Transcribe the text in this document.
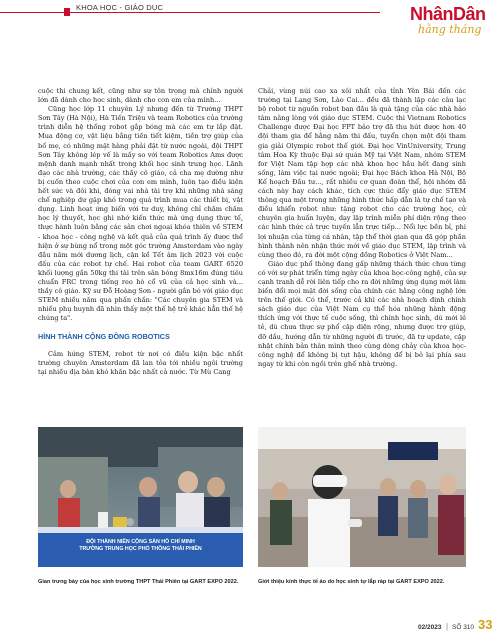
KHOA HỌC - GIÁO DỤC	NhânDân
hằng tháng

cuộc thi chung kết, cũng như sự tôn trọng mà chính người lớn đã dành cho học sinh, dành cho con em của mình...

Cũng học lớp 11 chuyên Lý nhưng đến từ Trường THPT Sơn Tây (Hà Nội), Hà Tiến Triệu và team Robotics của trường trình diễn hệ thống robot gắp bóng mà các em tự lắp đặt. Mua động cơ, vật liệu bằng tiền tiết kiệm, tiền trợ giúp của bố mẹ, có những mặt hàng phải đặt từ nước ngoài, đội THPT Sơn Tây không lép vế là mấy so với team Robotics Ams được mệnh danh mạnh nhất trong khối học sinh trung học. Lãnh đạo các nhà trường, các thầy cô giáo, cả cha mẹ dường như bị cuốn theo cuộc chơi của con em mình, luôn tạo điều kiện hết sức và đôi khi, đóng vai nhà tài trợ khi những nhà sáng chế nghiệp dư gặp khó trong quá trình mua các thiết bị, vật dụng. Linh hoạt ứng biến với tư duy, không chỉ chăm chăm học lý thuyết, học ghi nhớ kiến thức mà ứng dụng thực tế, thực hành luôn bằng các sản chơi ngoại khóa thiên về STEM - khoa học - công nghệ và kết quả của quá trình ấy được thể hiện ở sự bùng nổ trong một góc trường Amsterdam vào ngày đầu năm mới dương lịch, cận kề Tết âm lịch 2023 với cuộc đấu của các robot tự chế. Hai robot của team GART 6520 khối lượng gần 50kg thi tài trên sân bóng 8mx16m đúng tiêu chuẩn FRC trong tiếng reo hò cổ vũ của cả học sinh và... thầy cô giáo. Kỹ sư Đỗ Hoàng Sơn - người gắn bó với giáo dục STEM nhiều năm qua phấn chấn: "Các chuyên gia STEM và nhiều phụ huynh đã nhìn thấy một thế hệ trẻ khác hẳn thế hệ chúng ta".

HÌNH THÀNH CỘNG ĐỒNG ROBOTICS

Cảm hứng STEM, robot từ nơi có điều kiện bậc nhất trường chuyên Amsterdam đã lan tỏa tới nhiều ngôi trường tại nhiều địa bàn khó khăn bậc nhất cả nước. Từ Mù Cang

Chải, vùng núi cao xa xôi nhất của tỉnh Yên Bái đến các trường tại Lạng Sơn, Lào Cai... đều đã thành lập các câu lạc bộ robot từ nguồn robot ban đầu là quà tặng của các nhà hảo tâm nâng lòng với giáo dục STEM. Cuộc thi Vietnam Robotics Challenge được Đại học FPT bảo trợ đã thu hút được hơn 40 đội tham gia để hằng năm thi đấu, tuyển chọn một đội tham gia giải Olympic robot thế giới. Đại học VinUniversity, Trung tâm Hoa Kỳ thuộc Đại sứ quán Mỹ tại Việt Nam, nhóm STEM for Việt Nam tập hợp các nhà khoa học hầu hết đang sinh sống, làm việc tại nước ngoài; Đại học Bách khoa Hà Nội, Bộ Kế hoạch Đầu tư..., rất nhiều cơ quan đoàn thể, hội nhóm đã cách này hay cách khác, tích cực thúc đẩy giáo dục STEM thông qua một trong những hình thức hấp dẫn là tự chế tạo và điều khiển robot như: tặng robot cho các trường học, cử chuyên gia huấn luyện, dạy lập trình miễn phí diện rộng theo các hình thức cả trực tuyến lẫn trực tiếp... Nổi lực bền bỉ, phi lợi nhuận của từng cá nhân, tập thể thời gian qua đã góp phần hình thành nên nhận thức mới về giáo dục STEM, lập trình và cùng theo đó, ra đời một cộng đồng Robotics ở Việt Nam...

Giáo dục phổ thông đang gấp những thách thức chưa từng có với sự phát triển từng ngày của khoa học-công nghệ, của sự cạnh tranh dễ rời liên tiếp cho ra đời những ứng dụng mới làm biến đổi mọi mặt đời sống của chính các hằng công nghệ lớn trên thế giới. Có thể, trước cả khi các nhà hoạch định chính sách giáo dục của Việt Nam cụ thể hóa những hành động thích ứng với thực tế cuộc sống, thì chính học sinh, dù mới lẻ tẻ, dù chưa thực sự phổ cập diện rộng, nhưng được trợ giúp, đỡ dầu, hướng dẫn từ những người đi trước, đã tự update, cập nhật chính bản thân mình theo cùng dòng chảy của khoa học-công nghệ để không bị tụt hậu, không để bị bỏ lại phía sau ngay từ khi còn ngồi trên ghế nhà trường.

ĐỘI THÀNH NIÊN CỘNG SẢN HỒ CHÍ MINH
TRƯỜNG TRUNG HỌC PHỔ THÔNG THÁI PHIÊN
Gian trưng bày của học sinh trường THPT Thái Phiên tại GART EXPO 2022.	Giới thiệu kính thực tế ảo do học sinh tự lắp ráp tại GART EXPO 2022.
02/2023 | SỐ 310 33
